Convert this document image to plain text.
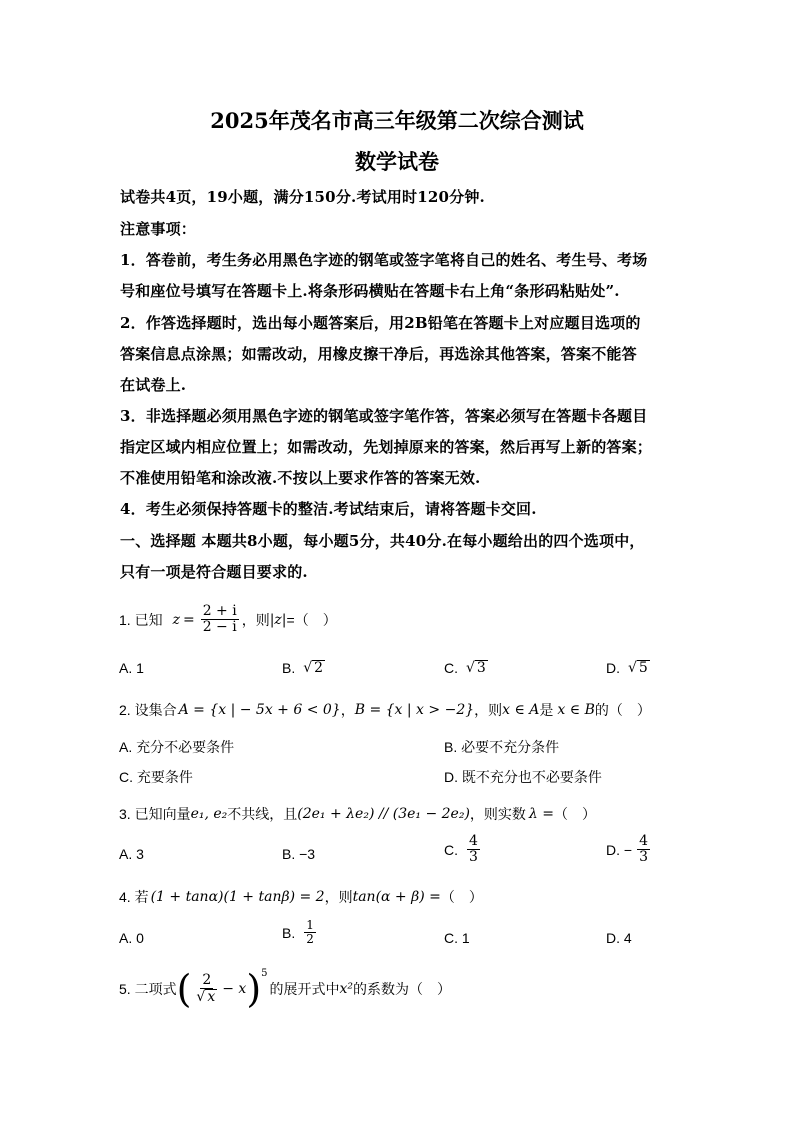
2025年茂名市高三年级第二次综合测试
数学试卷
试卷共4页，19小题，满分150分.考试用时120分钟.
注意事项：
1．答卷前，考生务必用黑色字迹的钢笔或签字笔将自己的姓名、考生号、考场
号和座位号填写在答题卡上.将条形码横贴在答题卡右上角“条形码粘贴处”.
2．作答选择题时，选出每小题答案后，用2B铅笔在答题卡上对应题目选项的
答案信息点涂黑；如需改动，用橡皮擦干净后，再选涂其他答案，答案不能答
在试卷上.
3．非选择题必须用黑色字迹的钢笔或签字笔作答，答案必须写在答题卡各题目
指定区域内相应位置上；如需改动，先划掉原来的答案，然后再写上新的答案；
不准使用铅笔和涂改液.不按以上要求作答的答案无效.
4．考生必须保持答题卡的整洁.考试结束后，请将答题卡交回.
一、选择题 本题共8小题，每小题5分，共40分.在每小题给出的四个选项中，
只有一项是符合题目要求的.
1. 已知 $z = \frac{2 + i}{2 - i}$ ，则 |z| =（　）
A. 1	B. √ 2	C. √ 3	D. √ 5
2. 设集合 A = {x | − 5x + 6 < 0} ， B = {x | x > −2} ，则 x ∈ A 是 x ∈ B 的（　）
A. 充分不必要条件	B. 必要不充分条件
C. 充要条件	D. 既不充分也不必要条件
3. 已知向量 e₁, e₂ 不共线，且 (2e₁ + λe₂) // (3e₁ − 2e₂) ，则实数 λ = （　）
A. 3	B. −3	C. $\frac{4}{3}$	D. − $\frac{4}{3}$
4. 若 (1 + tanα)(1 + tanβ) = 2 ，则 tan(α + β) = （　）
A. 0	B. $\frac{1}{2}$	C. 1	D. 4
5. 二项式 ( $\frac{2}{√ x} - x$ ) 5
的展开式中 x² 的系数为（　）
